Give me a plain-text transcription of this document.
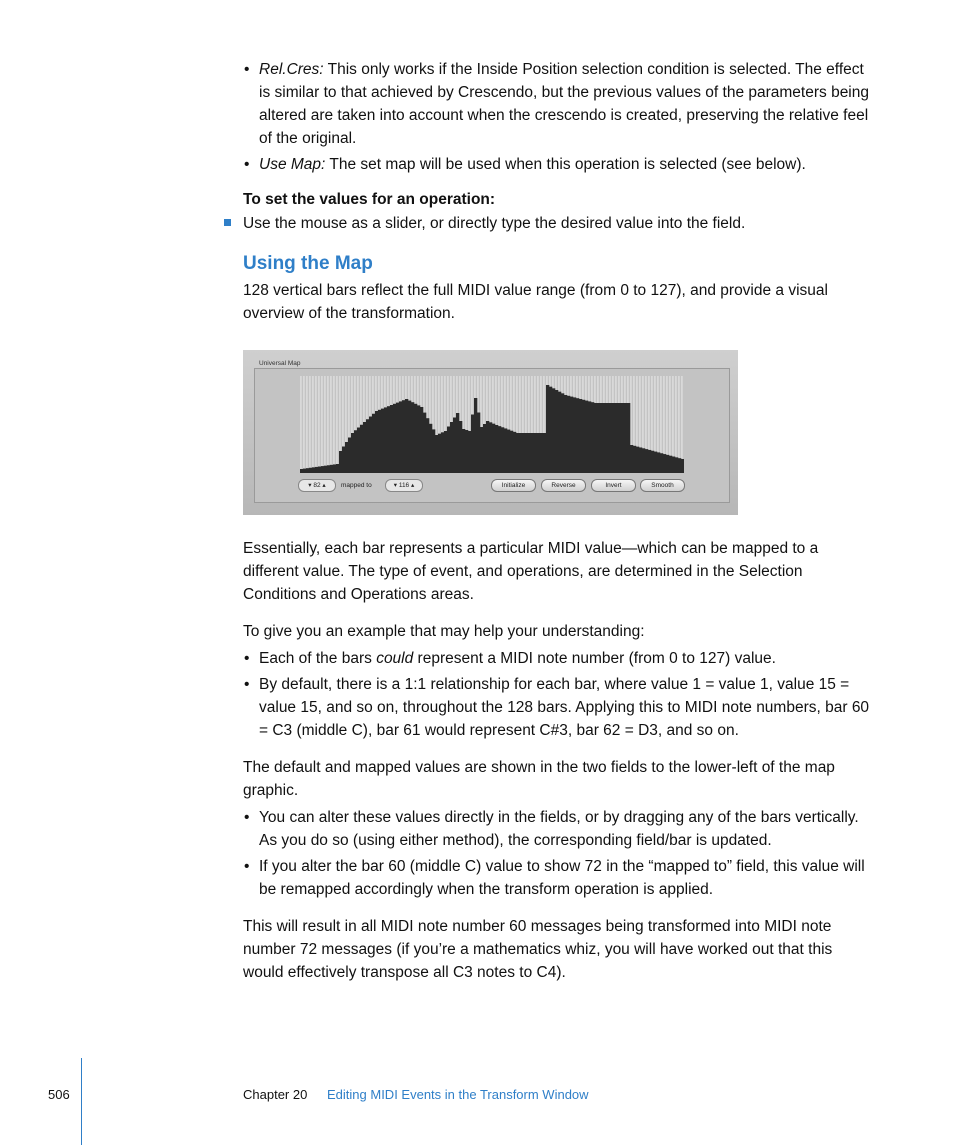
• Rel.Cres: This only works if the Inside Position selection condition is selected. The effect is similar to that achieved by Crescendo, but the previous values of the parameters being altered are taken into account when the crescendo is created, preserving the relative feel of the original.
• Use Map: The set map will be used when this operation is selected (see below).
To set the values for an operation:
Use the mouse as a slider, or directly type the desired value into the field.
Using the Map
128 vertical bars reflect the full MIDI value range (from 0 to 127), and provide a visual overview of the transformation.
Universal Map
▾ 82 ▴	mapped to	▾ 116 ▴	Initialize	Reverse	Invert	Smooth
Essentially, each bar represents a particular MIDI value—which can be mapped to a different value. The type of event, and operations, are determined in the Selection Conditions and Operations areas.
To give you an example that may help your understanding:
• Each of the bars could represent a MIDI note number (from 0 to 127) value.
• By default, there is a 1:1 relationship for each bar, where value 1 = value 1, value 15 = value 15, and so on, throughout the 128 bars. Applying this to MIDI note numbers, bar 60 = C3 (middle C), bar 61 would represent C#3, bar 62 = D3, and so on.
The default and mapped values are shown in the two fields to the lower-left of the map graphic.
• You can alter these values directly in the fields, or by dragging any of the bars vertically. As you do so (using either method), the corresponding field/bar is updated.
• If you alter the bar 60 (middle C) value to show 72 in the “mapped to” field, this value will be remapped accordingly when the transform operation is applied.
This will result in all MIDI note number 60 messages being transformed into MIDI note number 72 messages (if you’re a mathematics whiz, you will have worked out that this would effectively transpose all C3 notes to C4).
506	Chapter 20 Editing MIDI Events in the Transform Window
